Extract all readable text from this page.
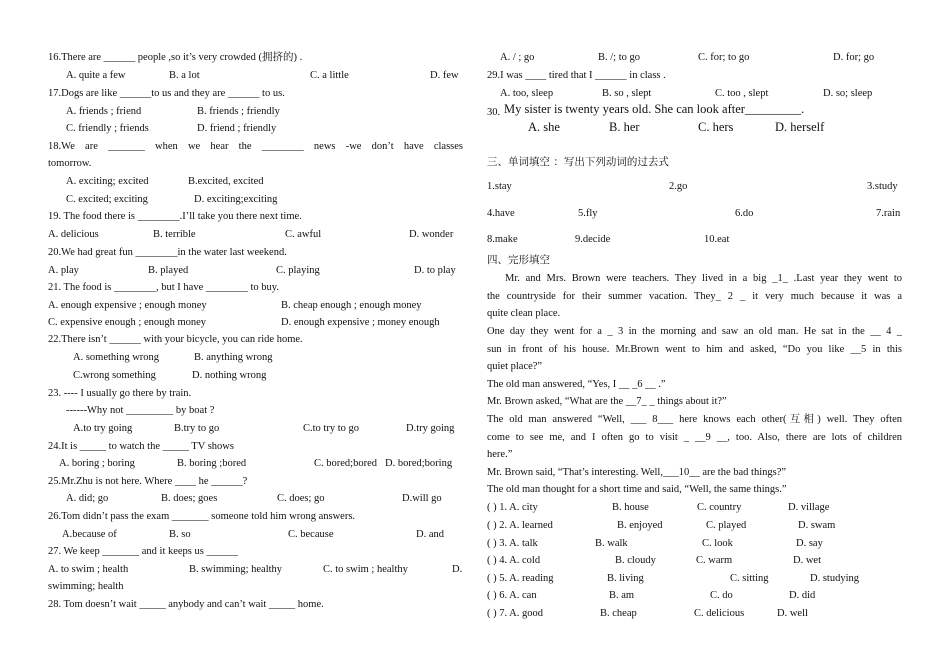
16.There are ______ people ,so it’s very crowded (拥挤的) .
A. quite a few	B. a lot	C. a little	D. few
17.Dogs are like ______to us and they are ______ to us.
A. friends ; friend	B. friends ; friendly
C. friendly ; friends	D. friend ; friendly
18.We are _______ when we hear the ________ news -we don’t have classes
tomorrow.
A. exciting; excited	B.excited, excited
C. excited; exciting	D. exciting;exciting
19. The food there is ________.I’ll take you there next time.
A. delicious	B. terrible	C. awful	D. wonder
20.We had great fun ________in the water last weekend.
A. play	B. played	C. playing	D. to play
21. The food is ________, but I have ________ to buy.
A. enough expensive ; enough money	B. cheap enough ; enough money
C. expensive enough ; enough money	D. enough expensive ; money enough
22.There isn’t ______ with your bicycle, you can ride home.
A. something wrong	B. anything wrong
C.wrong something	D. nothing wrong
23. ---- I usually go there by train.
------Why not _________ by boat ?
A.to try going	B.try to go	C.to try to go	D.try going
24.It is _____ to watch the _____ TV shows
A. boring ; boring	B. boring ;bored	C. bored;bored D. bored;boring
25.Mr.Zhu is not here. Where ____ he ______?
A. did; go	B. does; goes	C. does; go	D.will go
26.Tom didn’t pass the exam _______ someone told him wrong answers.
A.because of	B. so	C. because	D. and
27. We keep _______ and it keeps us ______
A. to swim ; health	B. swimming; healthy	C. to swim ; healthy	D.
swimming; health
28. Tom doesn’t wait _____ anybody and can’t wait _____ home.
A. / ; go	B. /; to go	C. for; to go	D. for; go
29.I was ____ tired that I ______ in class .
A. too, sleep	B. so , slept	C. too , slept	D. so; sleep
30. My sister is twenty years old. She can look after_________.
A. she	B. her	C. hers	D. herself
三、单词填空 ：写出下列动词的过去式
1.stay	2.go	3.study
4.have	5.fly	6.do	7.rain
8.make	9.decide	10.eat
四、完形填空
Mr. and Mrs. Brown were teachers. They lived in a big _1_ .Last year they went to
the countryside for their summer vacation. They_ 2 _ it very much because it was a
quite clean place.
One day they went for a _ 3 in the morning and saw an old man. He sat in the __ 4 _
sun in front of his house. Mr.Brown went to him and asked, “Do you like __5 in this
quiet place?”
The old man answered, “Yes, I __ _6 __ .”
Mr. Brown asked, “What are the __7_ _ things about it?”
The old man answered “Well, ___ 8___ here knows each other(互相) well. They often
come to see me, and I often go to visit _ __9 __, too. Also, there are lots of children
here.”
Mr. Brown said, “That’s interesting. Well,___10__ are the bad things?”
The old man thought for a short time and said, “Well, the same things.”
( ) 1. A. city	B. house	C. country	D. village
( ) 2. A. learned	B. enjoyed	C. played	D. swam
( ) 3. A. talk	B. walk	C. look	D. say
( ) 4. A. cold	B. cloudy	C. warm	D. wet
( ) 5. A. reading	B. living	C. sitting	D. studying
( ) 6. A. can	B. am	C. do	D. did
( ) 7. A. good	B. cheap	C. delicious	D. well
